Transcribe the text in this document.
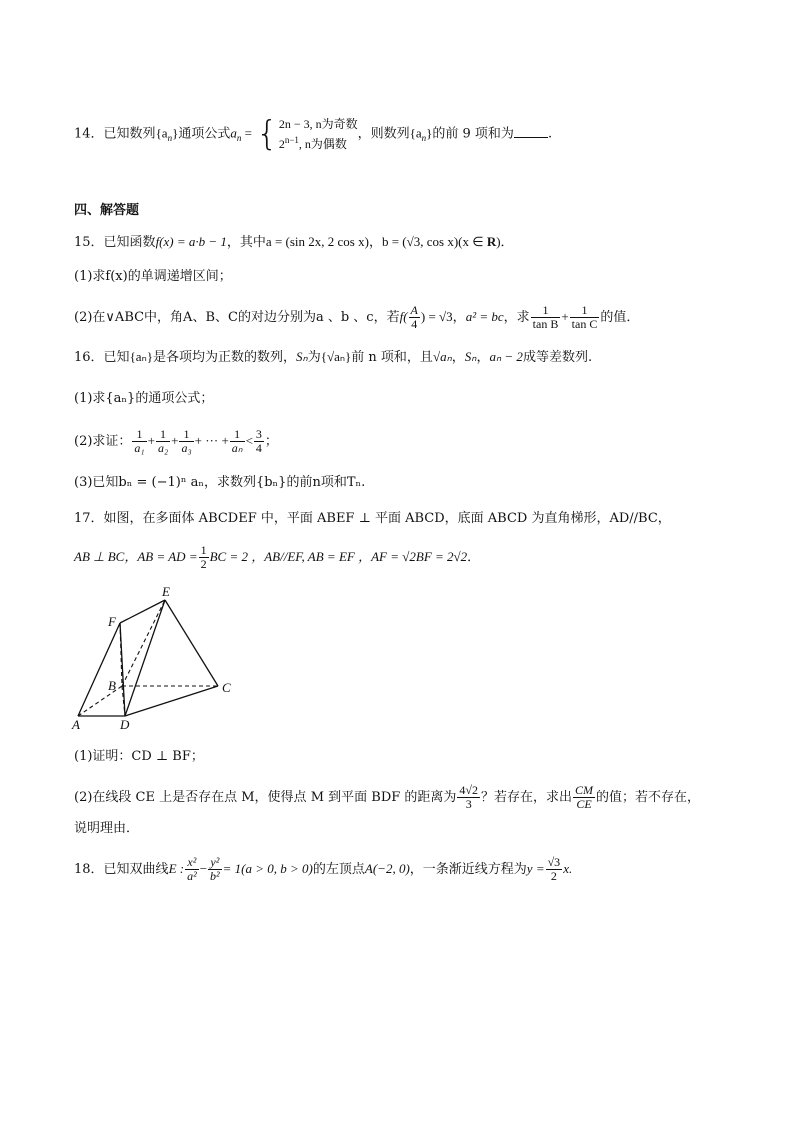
14．已知数列$\{a_n\}$通项公式$a_n$ = { 2n − 3, n为奇数
$2^{n-1}$, n为偶数
，则数列$\{a_n\}$的前 9 项和为	.
四、解答题
15．已知函数f(x) = a·b − 1，其中a = (sin 2x, 2 cos x)，b = (√3, cos x)(x ∈ R)．
(1)求f(x)的单调递增区间；
(2)在∨ABC中，角A、B、C的对边分别为a 、b 、c，若$f( \frac{A}{4}$ ) = √3，a² = bc，求 $\frac{1}{\text{tan B}} + \frac{1}{\text{tan C}}$ 的值．
16．已知{aₙ}是各项均为正数的数列，Sₙ为{√aₙ}前 n 项和，且√aₙ，Sₙ，aₙ − 2成等差数列.
(1)求{aₙ}的通项公式；
(2)求证： $\frac{1}{\text{a₁}} + \frac{1}{\text{a₂}} + \frac{1}{\text{a₃}}$ + ··· + $\frac{1}{\text{aₙ}} < \frac{3}{4}$ ；
(3)已知bₙ = (−1)ⁿ aₙ，求数列{bₙ}的前n项和Tₙ.
17．如图，在多面体 ABCDEF 中，平面 ABEF ⊥ 平面 ABCD，底面 ABCD 为直角梯形，AD//BC，
AB ⊥ BC，AB = AD = $\frac{1}{2}$ BC = 2 ，AB//EF, AB = EF ，AF = √2BF = 2√2．
E
F
B	C
A	D
(1)证明：CD ⊥ BF；
(2)在线段 CE 上是否存在点 M，使得点 M 到平面 BDF 的距离为 $\frac{4√2}{3}$ ？若存在，求出 $\frac{CM}{CE}$ 的值；若不存在，
说明理由．
18．已知双曲线E : $\frac{\text{x²}}{\text{a²}} - \frac{\text{y²}}{\text{b²}} = 1(a > 0$, b > 0)的左顶点A(−2, 0)，一条渐近线方程为$y = \frac{√3}{2} x$.
